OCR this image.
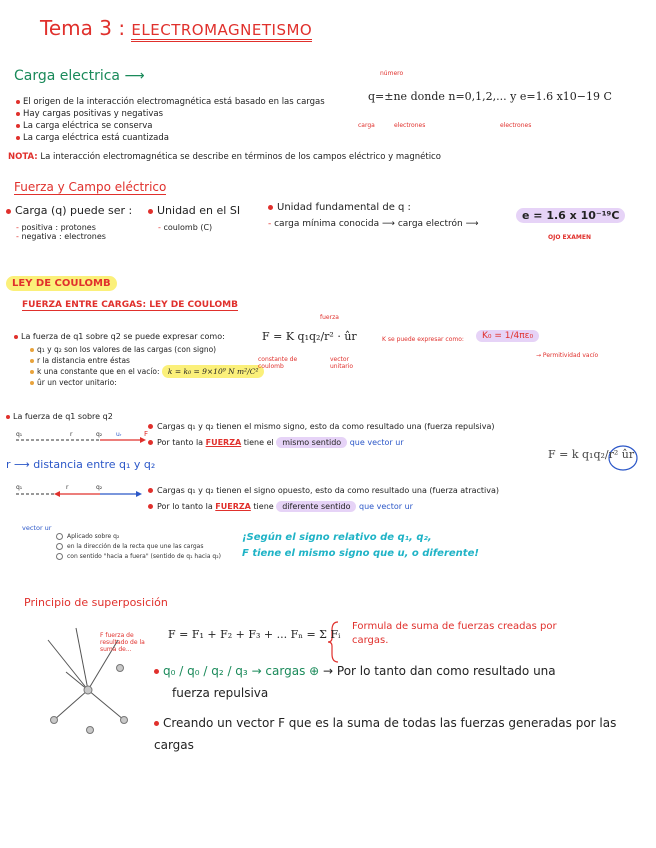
Tema 3 : ELECTROMAGNETISMO
Carga electrica ⟶
El origen de la interacción electromagnética está basado en las cargas
Hay cargas positivas y negativas
La carga eléctrica se conserva
La carga eléctrica está cuantizada
número
q=±ne donde n=0,1,2,... y e=1.6 x10−19 C
carga	electrones	electrones
NOTA: La interacción electromagnética se describe en términos de los campos eléctrico y magnético
Fuerza y Campo eléctrico
Carga (q) puede ser :
- positiva : protones
- negativa : electrones
Unidad en el SI
- coulomb (C)
Unidad fundamental de q :
- carga mínima conocida ⟶ carga electrón ⟶
e = 1.6 x 10⁻¹⁹C
OJO EXAMEN
LEY DE COULOMB
FUERZA ENTRE CARGAS: LEY DE COULOMB
La fuerza de q1 sobre q2 se puede expresar como:
q₁ y q₂ son los valores de las cargas (con signo)
r la distancia entre éstas
k una constante que en el vacío: k = k₀ = 9×10⁹ N m²/C²
ûr un vector unitario:
fuerza
F = K q₁q₂/r² · ûr
constante de coulomb
vector unitario
K se puede expresar como:	K₀ = 1/4πε₀
→ Permitividad vacío
La fuerza de q1 sobre q2
q₁	r	q₂ uᵣ	F
q₁	r	q₂
Cargas q₁ y q₂ tienen el mismo signo, esto da como resultado una (fuerza repulsiva)
Por tanto la FUERZA tiene el mismo sentido que vector ur
r ⟶ distancia entre q₁ y q₂
Cargas q₁ y q₂ tienen el signo opuesto, esto da como resultado una (fuerza atractiva)
Por lo tanto la FUERZA tiene diferente sentido que vector ur
F = k q₁q₂/r² ûr
vector ur
Aplicado sobre q₂
en la dirección de la recta que une las cargas
con sentido "hacia a fuera" (sentido de q₁ hacia q₂)
¡Según el signo relativo de q₁, q₂,
F tiene el mismo signo que u, o diferente!
Principio de superposición
F fuerza de resultado de la suma de...
F = F₁ + F₂ + F₃ + ... Fₙ = Σ Fᵢ
Formula de suma de fuerzas creadas por cargas.
q₀ / q₀ / q₂ / q₃ → cargas ⊕ → Por lo tanto dan como resultado una
fuerza repulsiva
Creando un vector F que es la suma de todas las fuerzas generadas por las cargas
